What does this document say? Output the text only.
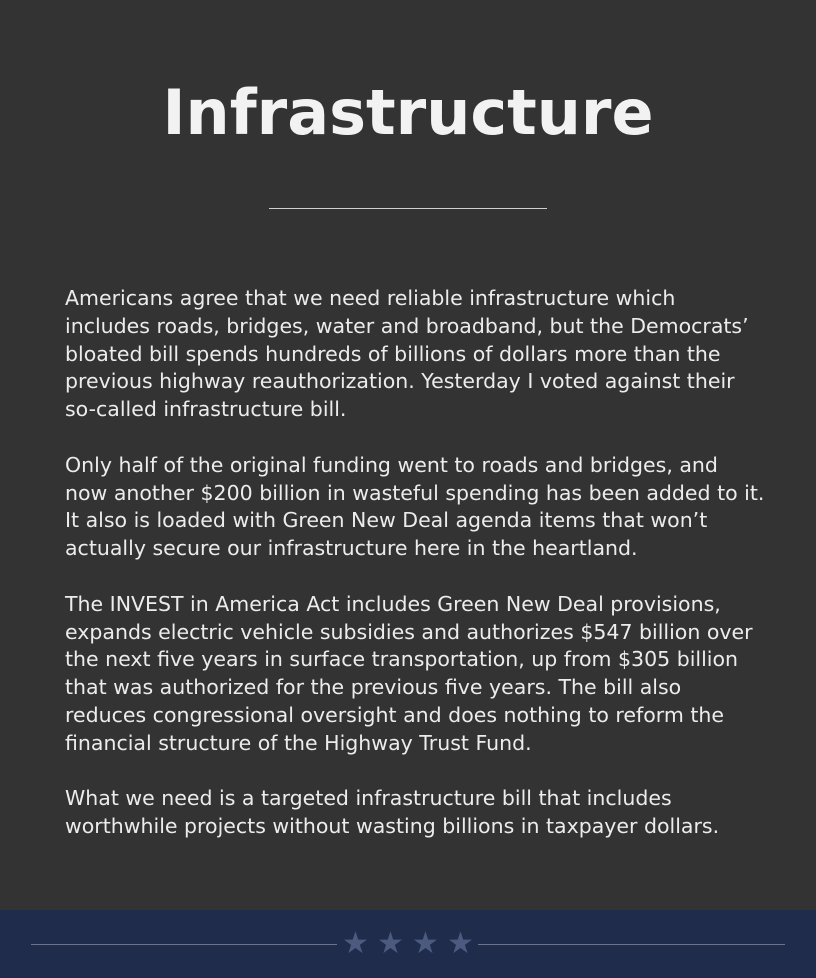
Infrastructure

Americans agree that we need reliable infrastructure which includes roads, bridges, water and broadband, but the Democrats’ bloated bill spends hundreds of billions of dollars more than the previous highway reauthorization. Yesterday I voted against their so-called infrastructure bill.

Only half of the original funding went to roads and bridges, and now another $200 billion in wasteful spending has been added to it. It also is loaded with Green New Deal agenda items that won’t actually secure our infrastructure here in the heartland.

The INVEST in America Act includes Green New Deal provisions, expands electric vehicle subsidies and authorizes $547 billion over the next five years in surface transportation, up from $305 billion that was authorized for the previous five years. The bill also reduces congressional oversight and does nothing to reform the financial structure of the Highway Trust Fund.

What we need is a targeted infrastructure bill that includes worthwhile projects without wasting billions in taxpayer dollars.

★ ★ ★ ★
